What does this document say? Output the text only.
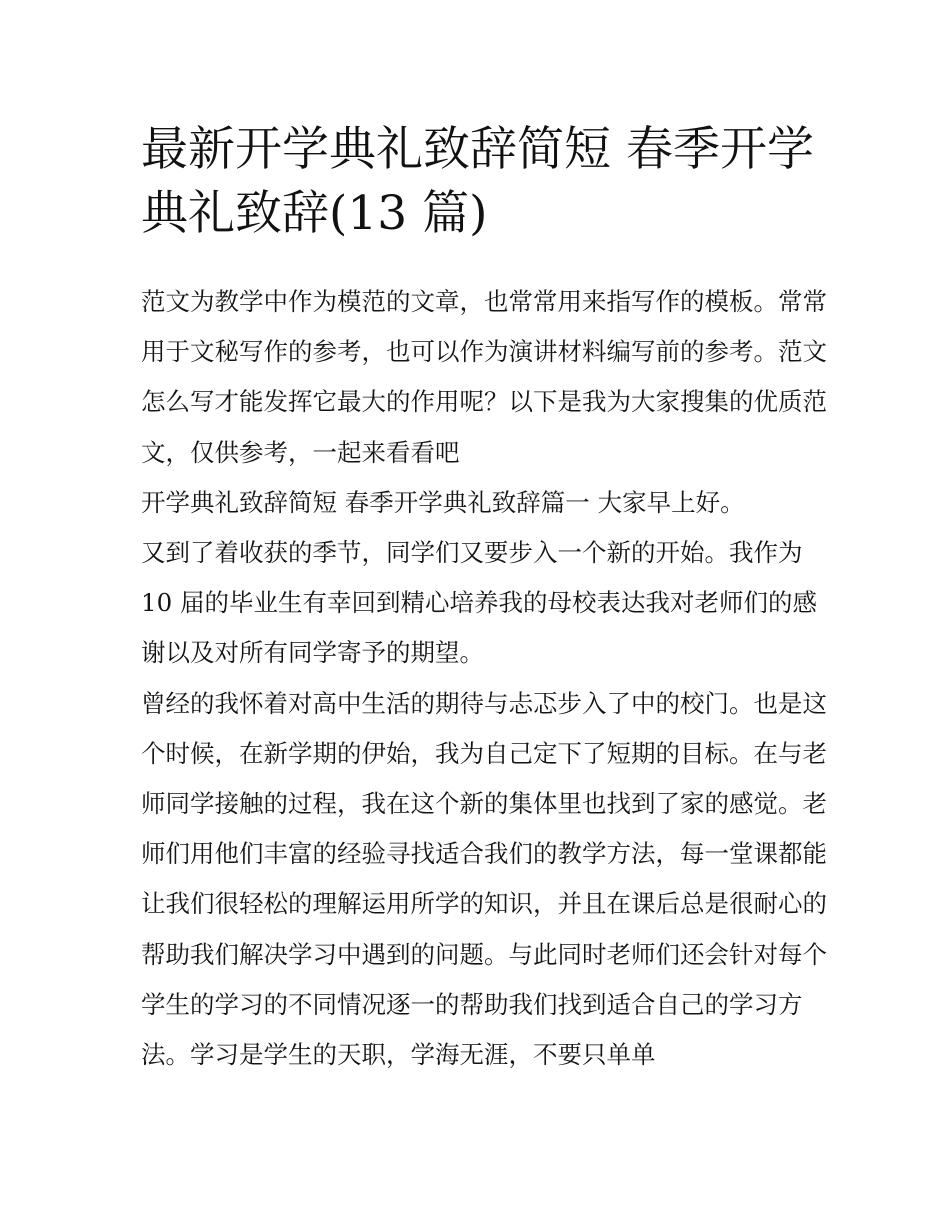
最新开学典礼致辞简短 春季开学典礼致辞(13 篇)

范文为教学中作为模范的文章，也常常用来指写作的模板。常常用于文秘写作的参考，也可以作为演讲材料编写前的参考。范文怎么写才能发挥它最大的作用呢？以下是我为大家搜集的优质范文，仅供参考，一起来看看吧

开学典礼致辞简短 春季开学典礼致辞篇一 大家早上好。

又到了着收获的季节，同学们又要步入一个新的开始。我作为10 届的毕业生有幸回到精心培养我的母校表达我对老师们的感谢以及对所有同学寄予的期望。

曾经的我怀着对高中生活的期待与忐忑步入了中的校门。也是这个时候，在新学期的伊始，我为自己定下了短期的目标。在与老师同学接触的过程，我在这个新的集体里也找到了家的感觉。老师们用他们丰富的经验寻找适合我们的教学方法，每一堂课都能让我们很轻松的理解运用所学的知识，并且在课后总是很耐心的帮助我们解决学习中遇到的问题。与此同时老师们还会针对每个学生的学习的不同情况逐一的帮助我们找到适合自己的学习方法。学习是学生的天职，学海无涯，不要只单单
